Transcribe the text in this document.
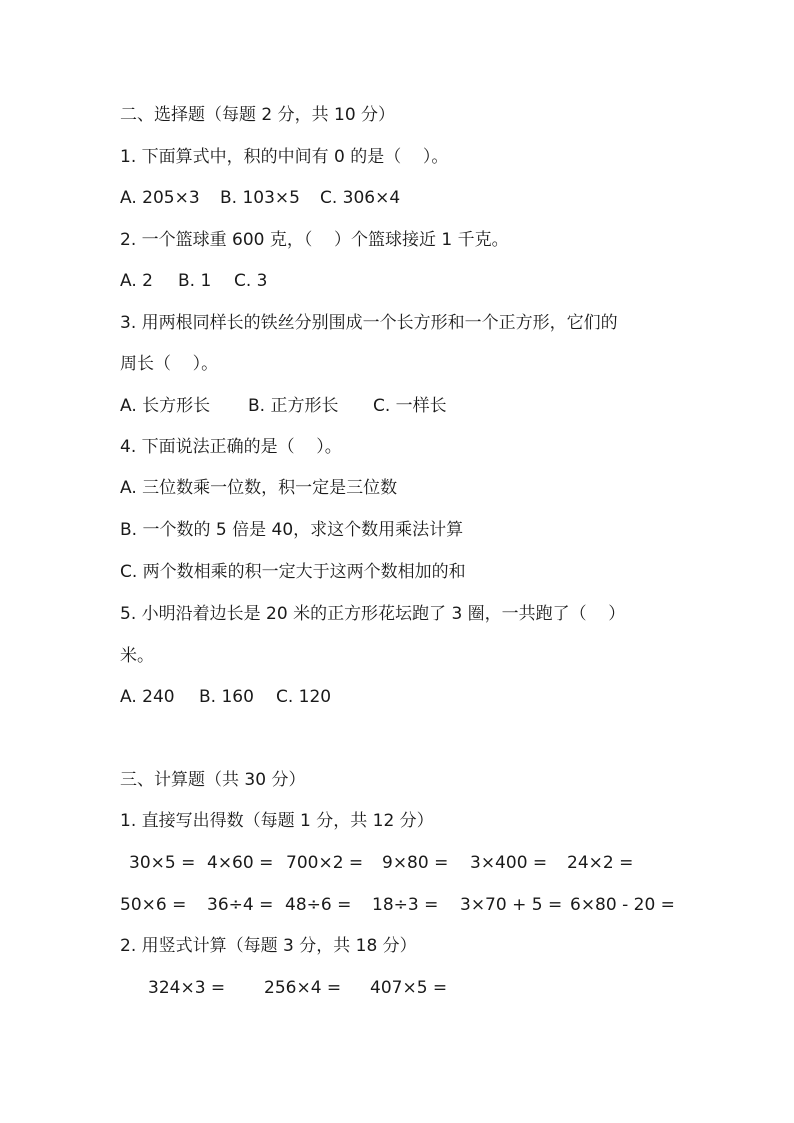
二、选择题（每题 2 分，共 10 分）
1. 下面算式中，积的中间有 0 的是（    ）。

A. 205×3

B. 103×5

C. 306×4

2. 一个篮球重 600 克，（    ）个篮球接近 1 千克。

A. 2

B. 1

C. 3

3. 用两根同样长的铁丝分别围成一个长方形和一个正方形，它们的
周长（    ）。

A. 长方形长

B. 正方形长

C. 一样长

4. 下面说法正确的是（    ）。
A. 三位数乘一位数，积一定是三位数
B. 一个数的 5 倍是 40，求这个数用乘法计算
C. 两个数相乘的积一定大于这两个数相加的和
5. 小明沿着边长是 20 米的正方形花坛跑了 3 圈，一共跑了（    ）
米。

A. 240

B. 160

C. 120

三、计算题（共 30 分）
1. 直接写出得数（每题 1 分，共 12 分）

30×5 =

4×60 =

700×2 =

9×80 =

3×400 =

24×2 =

50×6 =

36÷4 =

48÷6 =

18÷3 =

3×70 + 5 =

6×80 - 20 =

2. 用竖式计算（每题 3 分，共 18 分）

324×3 =

256×4 =

407×5 =
